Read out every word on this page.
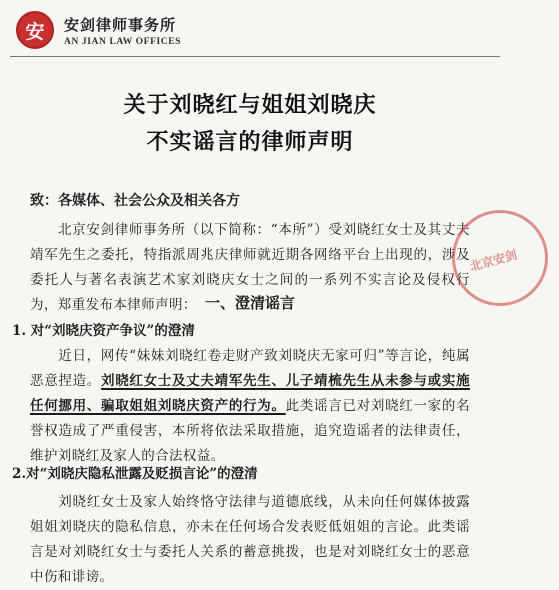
安	安剑律师事务所
AN JIAN LAW OFFICES
关于刘晓红与姐姐刘晓庆
不实谣言的律师声明
致：各媒体、社会公众及相关各方
北京安剑律师事务所（以下简称：“本所”）受刘晓红女士及其丈夫靖军先生之委托，特指派周兆庆律师就近期各网络平台上出现的，涉及委托人与著名表演艺术家刘晓庆女士之间的一系列不实言论及侵权行为，郑重发布本律师声明：
北京安剑
一、澄清谣言
1. 对“刘晓庆资产争议”的澄清
近日，网传“妹妹刘晓红卷走财产致刘晓庆无家可归”等言论，纯属恶意捏造。刘晓红女士及丈夫靖军先生、儿子靖梳先生从未参与或实施任何挪用、骗取姐姐刘晓庆资产的行为。此类谣言已对刘晓红一家的名誉权造成了严重侵害，本所将依法采取措施，追究造谣者的法律责任，维护刘晓红及家人的合法权益。
2.对“刘晓庆隐私泄露及贬损言论”的澄清
刘晓红女士及家人始终恪守法律与道德底线，从未向任何媒体披露姐姐刘晓庆的隐私信息，亦未在任何场合发表贬低姐姐的言论。此类谣言是对刘晓红女士与委托人关系的蓄意挑拨，也是对刘晓红女士的恶意中伤和诽谤。
